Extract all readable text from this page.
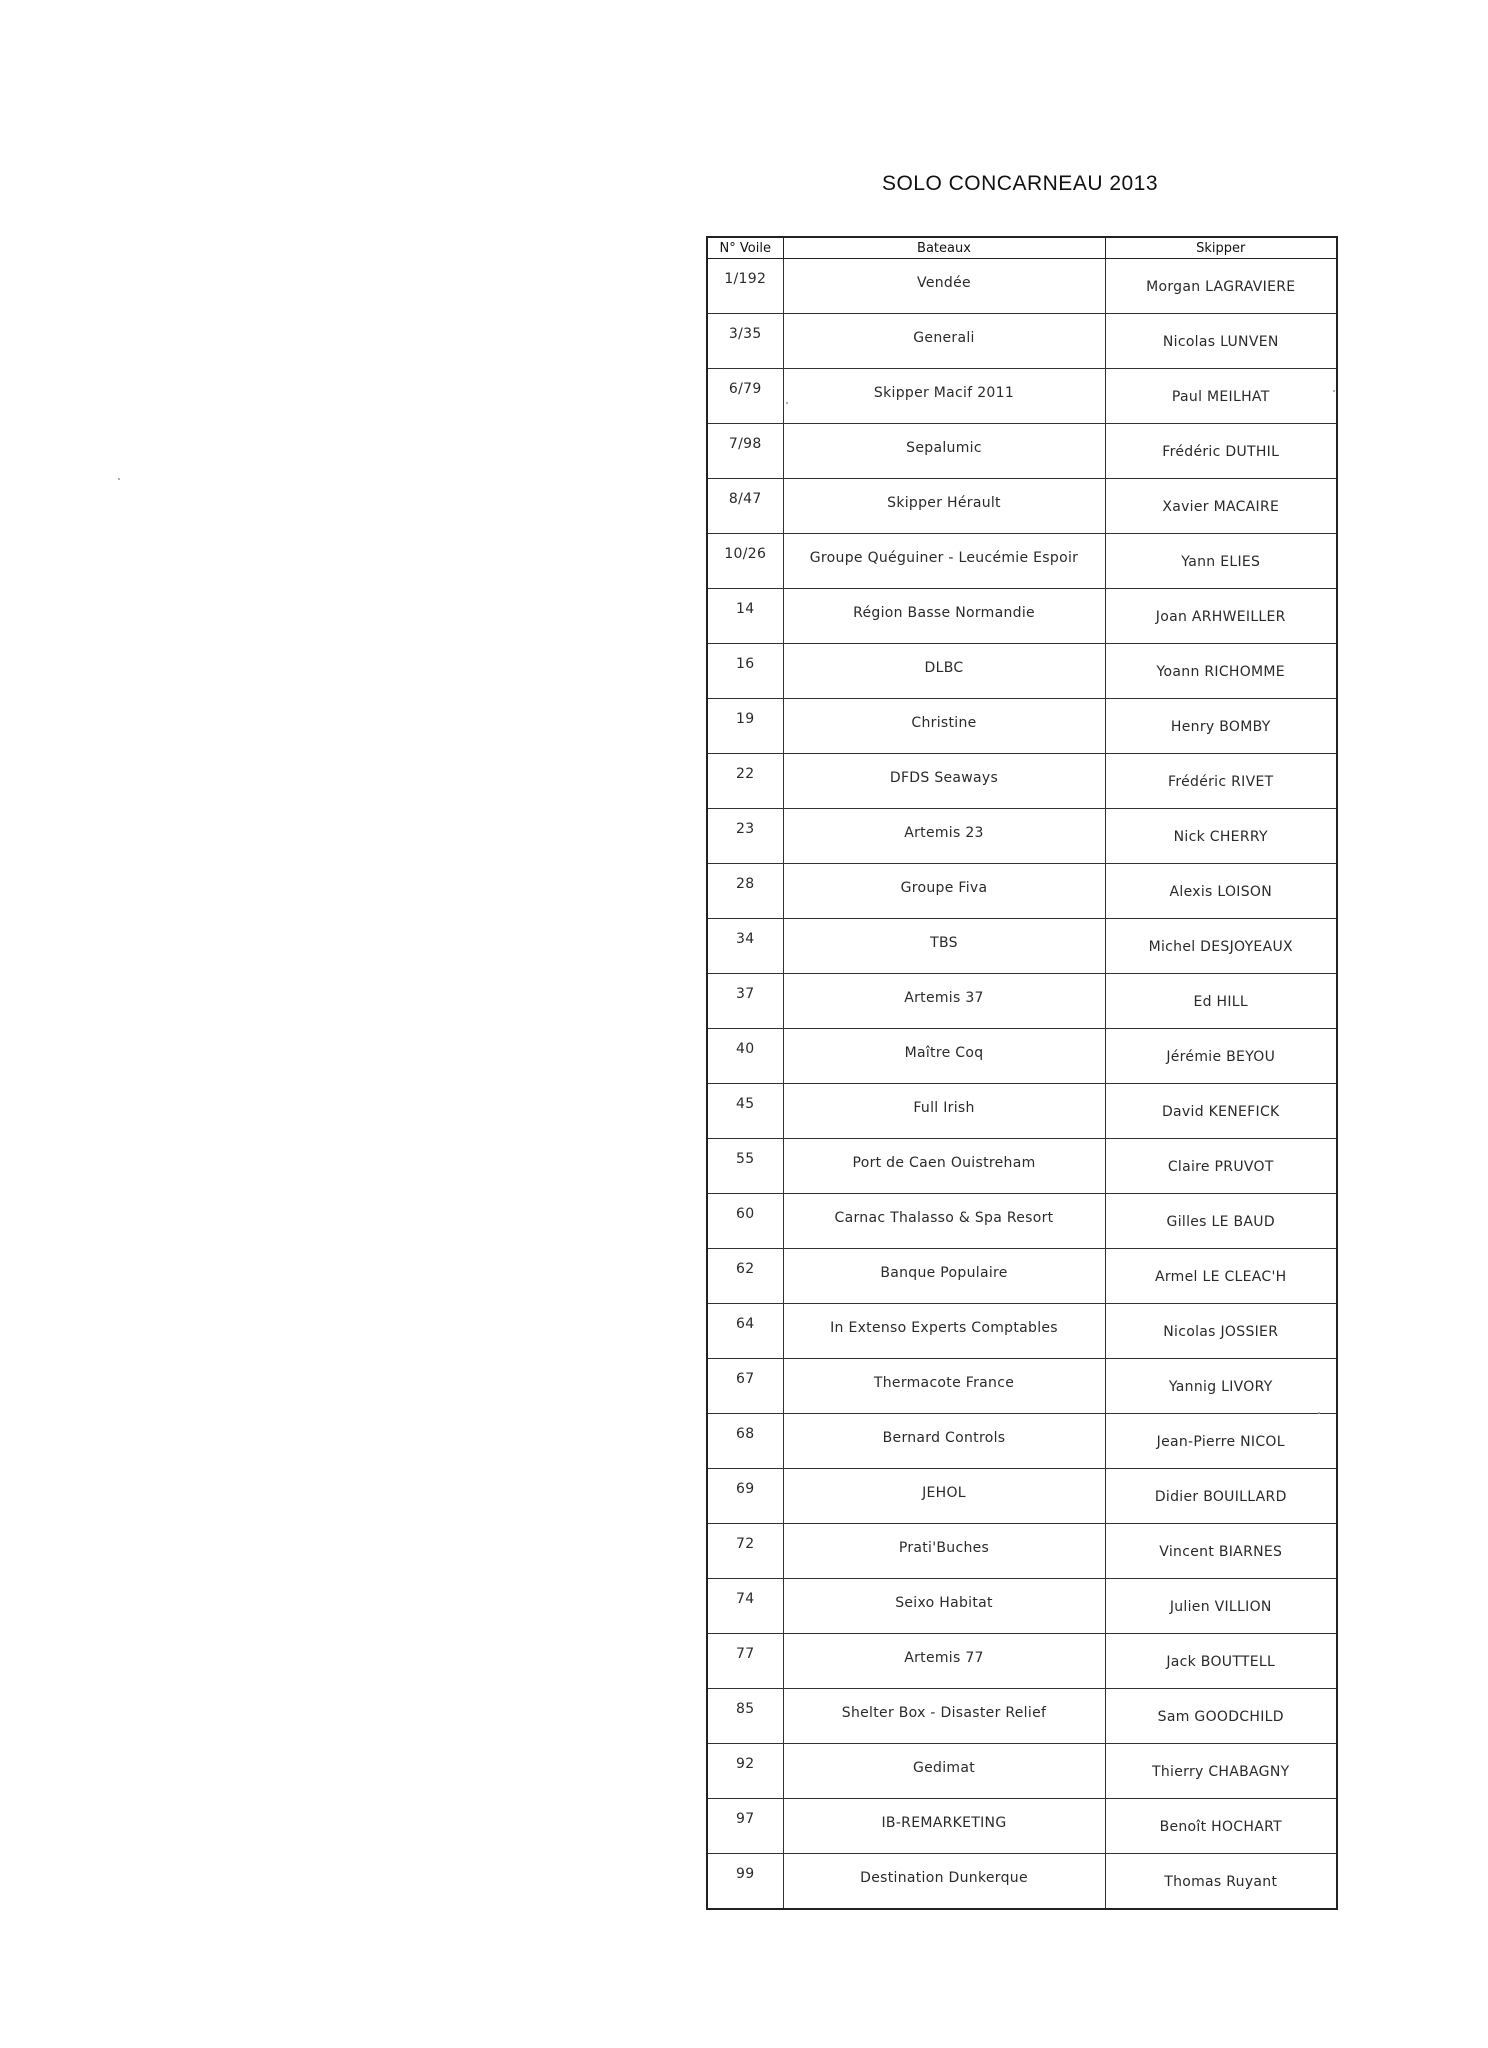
SOLO CONCARNEAU 2013
N° Voile	Bateaux	Skipper
1/192	Vendée	Morgan LAGRAVIERE
3/35	Generali	Nicolas LUNVEN
6/79	Skipper Macif 2011	Paul MEILHAT
7/98	Sepalumic	Frédéric DUTHIL
8/47	Skipper Hérault	Xavier MACAIRE
10/26	Groupe Quéguiner - Leucémie Espoir	Yann ELIES
14	Région Basse Normandie	Joan ARHWEILLER
16	DLBC	Yoann RICHOMME
19	Christine	Henry BOMBY
22	DFDS Seaways	Frédéric RIVET
23	Artemis 23	Nick CHERRY
28	Groupe Fiva	Alexis LOISON
34	TBS	Michel DESJOYEAUX
37	Artemis 37	Ed HILL
40	Maître Coq	Jérémie BEYOU
45	Full Irish	David KENEFICK
55	Port de Caen Ouistreham	Claire PRUVOT
60	Carnac Thalasso & Spa Resort	Gilles LE BAUD
62	Banque Populaire	Armel LE CLEAC'H
64	In Extenso Experts Comptables	Nicolas JOSSIER
67	Thermacote France	Yannig LIVORY
68	Bernard Controls	Jean-Pierre NICOL
69	JEHOL	Didier BOUILLARD
72	Prati'Buches	Vincent BIARNES
74	Seixo Habitat	Julien VILLION
77	Artemis 77	Jack BOUTTELL
85	Shelter Box - Disaster Relief	Sam GOODCHILD
92	Gedimat	Thierry CHABAGNY
97	IB-REMARKETING	Benoît HOCHART
99	Destination Dunkerque	Thomas Ruyant
